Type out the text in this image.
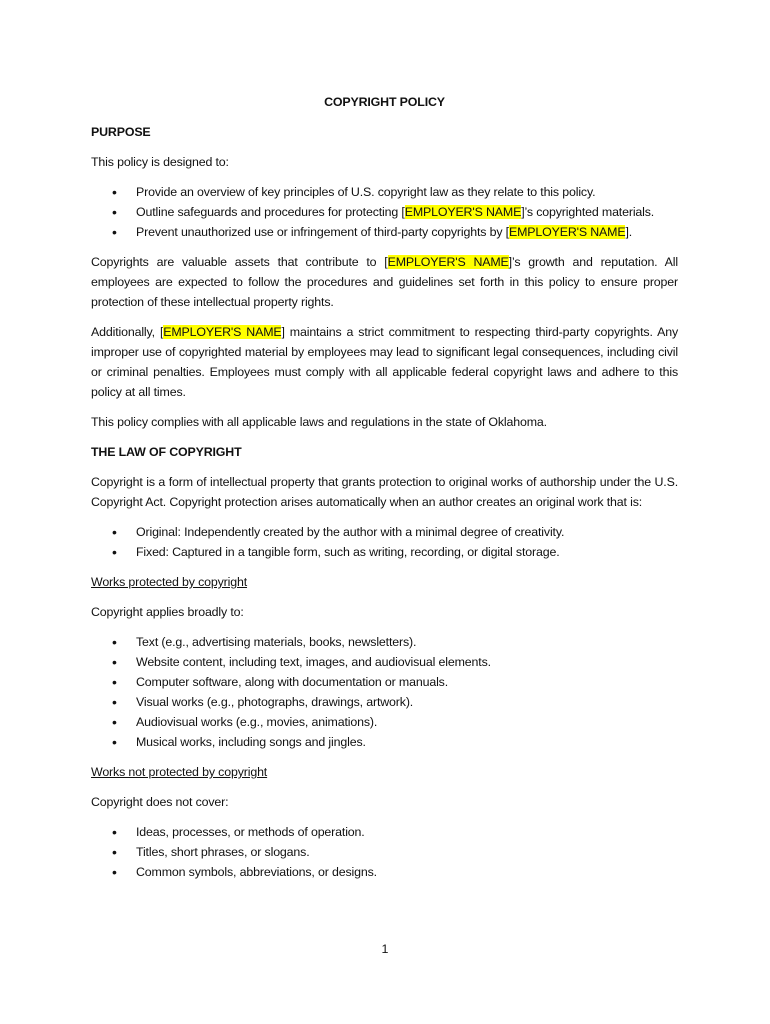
COPYRIGHT POLICY
PURPOSE

This policy is designed to:

• Provide an overview of key principles of U.S. copyright law as they relate to this policy.
• Outline safeguards and procedures for protecting [EMPLOYER'S NAME]’s copyrighted materials.
• Prevent unauthorized use or infringement of third-party copyrights by [EMPLOYER'S NAME].

Copyrights are valuable assets that contribute to [EMPLOYER'S NAME]’s growth and reputation. All employees are expected to follow the procedures and guidelines set forth in this policy to ensure proper protection of these intellectual property rights.

Additionally, [EMPLOYER'S NAME] maintains a strict commitment to respecting third-party copyrights. Any improper use of copyrighted material by employees may lead to significant legal consequences, including civil or criminal penalties. Employees must comply with all applicable federal copyright laws and adhere to this policy at all times.

This policy complies with all applicable laws and regulations in the state of Oklahoma.

THE LAW OF COPYRIGHT

Copyright is a form of intellectual property that grants protection to original works of authorship under the U.S. Copyright Act. Copyright protection arises automatically when an author creates an original work that is:

• Original: Independently created by the author with a minimal degree of creativity.
• Fixed: Captured in a tangible form, such as writing, recording, or digital storage.
Works protected by copyright

Copyright applies broadly to:

• Text (e.g., advertising materials, books, newsletters).
• Website content, including text, images, and audiovisual elements.
• Computer software, along with documentation or manuals.
• Visual works (e.g., photographs, drawings, artwork).
• Audiovisual works (e.g., movies, animations).
• Musical works, including songs and jingles.
Works not protected by copyright

Copyright does not cover:

• Ideas, processes, or methods of operation.
• Titles, short phrases, or slogans.
• Common symbols, abbreviations, or designs.
1
